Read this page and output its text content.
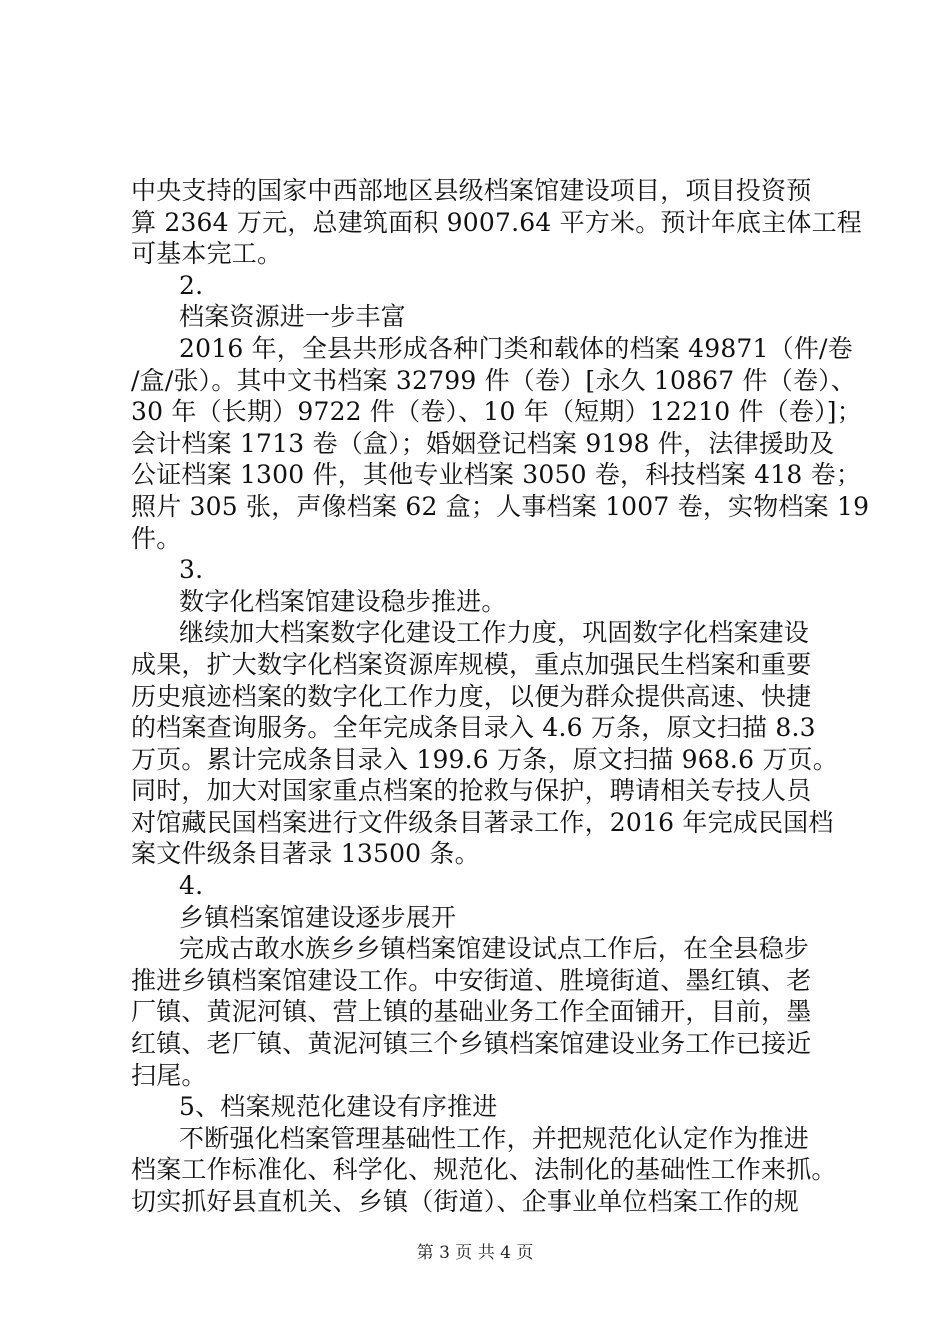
中央支持的国家中西部地区县级档案馆建设项目，项目投资预
算 2364 万元，总建筑面积 9007.64 平方米。预计年底主体工程
可基本完工。
2.
档案资源进一步丰富
2016 年，全县共形成各种门类和载体的档案 49871（件/卷
/盒/张）。其中文书档案 32799 件（卷）[永久 10867 件（卷）、
30 年（长期）9722 件（卷）、10 年（短期）12210 件（卷）]；
会计档案 1713 卷（盒）；婚姻登记档案 9198 件，法律援助及
公证档案 1300 件，其他专业档案 3050 卷，科技档案 418 卷；
照片 305 张，声像档案 62 盒；人事档案 1007 卷，实物档案 19
件。
3.
数字化档案馆建设稳步推进。
继续加大档案数字化建设工作力度，巩固数字化档案建设
成果，扩大数字化档案资源库规模，重点加强民生档案和重要
历史痕迹档案的数字化工作力度，以便为群众提供高速、快捷
的档案查询服务。全年完成条目录入 4.6 万条，原文扫描 8.3
万页。累计完成条目录入 199.6 万条，原文扫描 968.6 万页。
同时，加大对国家重点档案的抢救与保护，聘请相关专技人员
对馆藏民国档案进行文件级条目著录工作，2016 年完成民国档
案文件级条目著录 13500 条。
4.
乡镇档案馆建设逐步展开
完成古敢水族乡乡镇档案馆建设试点工作后，在全县稳步
推进乡镇档案馆建设工作。中安街道、胜境街道、墨红镇、老
厂镇、黄泥河镇、营上镇的基础业务工作全面铺开，目前，墨
红镇、老厂镇、黄泥河镇三个乡镇档案馆建设业务工作已接近
扫尾。
5、档案规范化建设有序推进
不断强化档案管理基础性工作，并把规范化认定作为推进
档案工作标准化、科学化、规范化、法制化的基础性工作来抓。
切实抓好县直机关、乡镇（街道）、企事业单位档案工作的规
第 3 页 共 4 页
